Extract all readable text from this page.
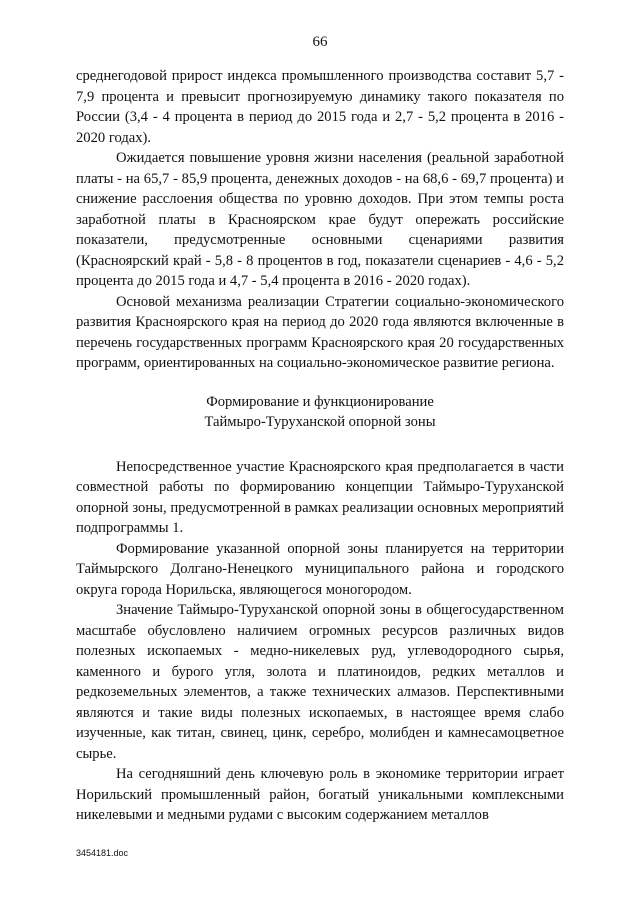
66

среднегодовой прирост индекса промышленного производства составит 5,7 - 7,9 процента и превысит прогнозируемую динамику такого показателя по России (3,4 - 4 процента в период до 2015 года и 2,7 - 5,2 процента в 2016 - 2020 годах).

Ожидается повышение уровня жизни населения (реальной заработной платы - на 65,7 - 85,9 процента, денежных доходов - на 68,6 - 69,7 процента) и снижение расслоения общества по уровню доходов. При этом темпы роста заработной платы в Красноярском крае будут опережать российские показатели, предусмотренные основными сценариями развития (Красноярский край - 5,8 - 8 процентов в год, показатели сценариев - 4,6 - 5,2 процента до 2015 года и 4,7 - 5,4 процента в 2016 - 2020 годах).

Основой механизма реализации Стратегии социально-экономического развития Красноярского края на период до 2020 года являются включенные в перечень государственных программ Красноярского края 20 государственных программ, ориентированных на социально-экономическое развитие региона.

Формирование и функционирование
Таймыро-Туруханской опорной зоны

Непосредственное участие Красноярского края предполагается в части совместной работы по формированию концепции Таймыро-Туруханской опорной зоны, предусмотренной в рамках реализации основных мероприятий подпрограммы 1.

Формирование указанной опорной зоны планируется на территории Таймырского Долгано-Ненецкого муниципального района и городского округа города Норильска, являющегося моногородом.

Значение Таймыро-Туруханской опорной зоны в общегосударственном масштабе обусловлено наличием огромных ресурсов различных видов полезных ископаемых - медно-никелевых руд, углеводородного сырья, каменного и бурого угля, золота и платиноидов, редких металлов и редкоземельных элементов, а также технических алмазов. Перспективными являются и такие виды полезных ископаемых, в настоящее время слабо изученные, как титан, свинец, цинк, серебро, молибден и камнесамоцветное сырье.

На сегодняшний день ключевую роль в экономике территории играет Норильский промышленный район, богатый уникальными комплексными никелевыми и медными рудами с высоким содержанием металлов

3454181.doc
